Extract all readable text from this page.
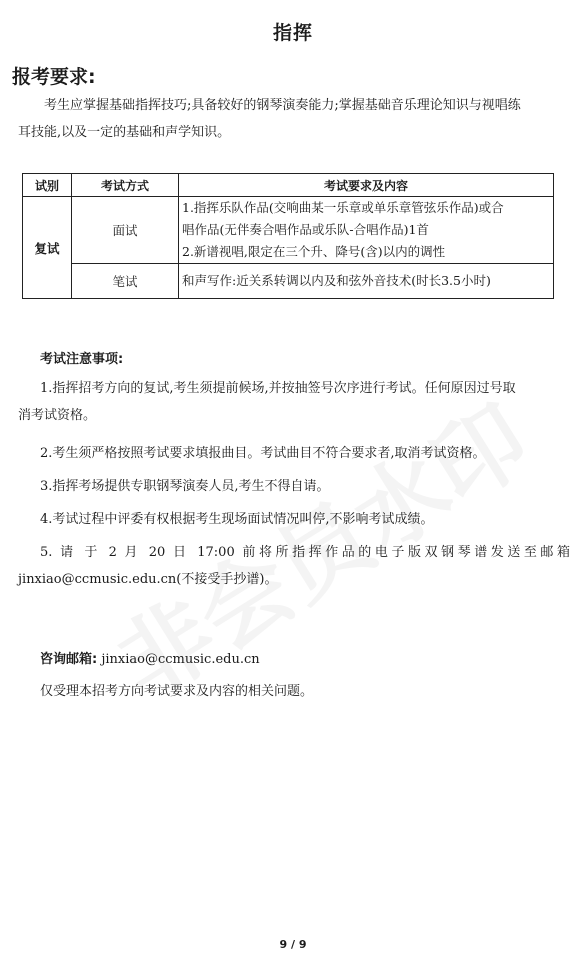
指挥
报考要求:
考生应掌握基础指挥技巧;具备较好的钢琴演奏能力;掌握基础音乐理论知识与视唱练
耳技能,以及一定的基础和声学知识。
试别	考试方式	考试要求及内容
复试	面试	1.指挥乐队作品(交响曲某一乐章或单乐章管弦乐作品)或合
唱作品(无伴奏合唱作品或乐队-合唱作品)1首
2.新谱视唱,限定在三个升、降号(含)以内的调性

	笔试	和声写作:近关系转调以内及和弦外音技术(时长3.5小时)
考试注意事项:
1.指挥招考方向的复试,考生须提前候场,并按抽签号次序进行考试。任何原因过号取
消考试资格。
2.考生须严格按照考试要求填报曲目。考试曲目不符合要求者,取消考试资格。
3.指挥考场提供专职钢琴演奏人员,考生不得自请。
4.考试过程中评委有权根据考生现场面试情况叫停,不影响考试成绩。
5. 请 于 2 月 20 日 17:00 前将所指挥作品的电子版双钢琴谱发送至邮箱
jinxiao@ccmusic.edu.cn(不接受手抄谱)。
咨询邮箱: jinxiao@ccmusic.edu.cn
仅受理本招考方向考试要求及内容的相关问题。
9 / 9
